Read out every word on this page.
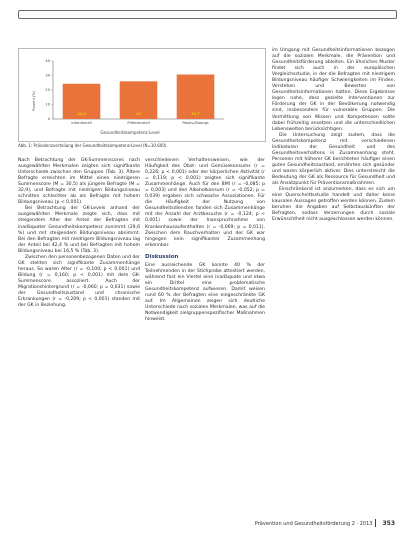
Prozent (%)
Gesundheitskompetenz-Level
0
10
20
30
40
24,3
Intentionell
26
Präferenziell
30,7
Passiv/Zwangs
Abb. 1: Prävalenzverteilung der Gesundheitskompetenz-Level (N=10.600).

Nach Betrachtung der GK-Summenscores nach ausgewählten Merkmalen zeigten sich signifikante Unterschiede zwischen den Gruppen (Tab. 3). Ältere Befragte erreichten im Mittel einen niedrigeren Summenscore (M = 30,5) als jüngere Befragte (M = 32,9), und Befragte mit niedrigem Bildungsniveau schnitten schlechter ab als Befragte mit hohem Bildungsniveau (p < 0,001).

Bei Betrachtung der GK-Levels anhand der ausgewählten Merkmale zeigte sich, dass mit steigendem Alter der Anteil der Befragten mit inadäquater Gesundheitskompetenz zunimmt (29,6 %) und mit steigendem Bildungsniveau abnimmt. Bei den Befragten mit niedrigem Bildungsniveau lag der Anteil bei 42,4 % und bei Befragten mit hohem Bildungsniveau bei 16,5 % (Tab. 3).

Zwischen den personenbezogenen Daten und der GK stellten sich signifikante Zusammenhänge heraus. So waren Alter (r = -0,100; p < 0,001) und Bildung (r = 0,160; p < 0,001) mit dem GK-Summenscore assoziiert. Auch der Migrationshintergrund (r = -0,060; p = 0,031) sowie der Gesundheitszustand und chronische Erkrankungen (r = -0,209; p < 0,001) standen mit der GK in Beziehung.

verschiedenen Verhaltensweisen, wie der Häufigkeit des Obst- und Gemüsekonsums (r = 0,226; p < 0,001) oder der körperlichen Aktivität (r = 0,119; p < 0,001) zeigten sich signifikante Zusammenhänge. Auch für den BMI (r = -0,085; p = 0,003) und den Alkoholkonsum (r = -0,052; p = 0,039) ergaben sich schwache Assoziationen. Für die Häufigkeit der Nutzung von Gesundheitsdiensten fanden sich Zusammenhänge mit der Anzahl der Arztbesuche (r = -0,124; p < 0,001) sowie der Inanspruchnahme von Krankenhausaufenthalten (r = -0,069; p = 0,011). Zwischen dem Rauchverhalten und der GK war hingegen kein signifikanter Zusammenhang erkennbar.

Diskussion

Eine ausreichende GK konnte 40 % der Teilnehmenden in der Stichprobe attestiert werden, während fast ein Viertel eine inadäquate und etwa ein Drittel eine problematische Gesundheitskompetenz aufwiesen. Damit weisen rund 60 % der Befragten eine eingeschränkte GK auf. Im Allgemeinen zeigen sich deutliche Unterschiede nach sozialen Merkmalen, was auf die Notwendigkeit zielgruppenspezifischer Maßnahmen hinweist.

im Umgang mit Gesundheitsinformationen bezogen auf die sozialen Merkmale, die Prävention und Gesundheitsförderung ableiten. Ein ähnliches Muster findet sich auch in der europäischen Vergleichsstudie, in der die Befragten mit niedrigem Bildungsniveau häufiger Schwierigkeiten im Finden, Verstehen und Bewerten von Gesundheitsinformationen hatten. Diese Ergebnisse legen nahe, dass gezielte Interventionen zur Förderung der GK in der Bevölkerung notwendig sind, insbesondere für vulnerable Gruppen. Die Vermittlung von Wissen und Kompetenzen sollte dabei frühzeitig ansetzen und die unterschiedlichen Lebenswelten berücksichtigen.

Die Untersuchung zeigt zudem, dass die Gesundheitskompetenz mit verschiedenen Indikatoren der Gesundheit und des Gesundheitsverhaltens in Zusammenhang steht. Personen mit höherer GK berichteten häufiger einen guten Gesundheitszustand, ernährten sich gesünder und waren körperlich aktiver. Dies unterstreicht die Bedeutung der GK als Ressource für Gesundheit und als Ansatzpunkt für Präventionsmaßnahmen.

Einschränkend ist anzumerken, dass es sich um eine Querschnittsstudie handelt und daher keine kausalen Aussagen getroffen werden können. Zudem beruhen die Angaben auf Selbstauskünften der Befragten, sodass Verzerrungen durch soziale Erwünschtheit nicht ausgeschlossen werden können.

Prävention und Gesundheitsförderung 2 · 2013 353
